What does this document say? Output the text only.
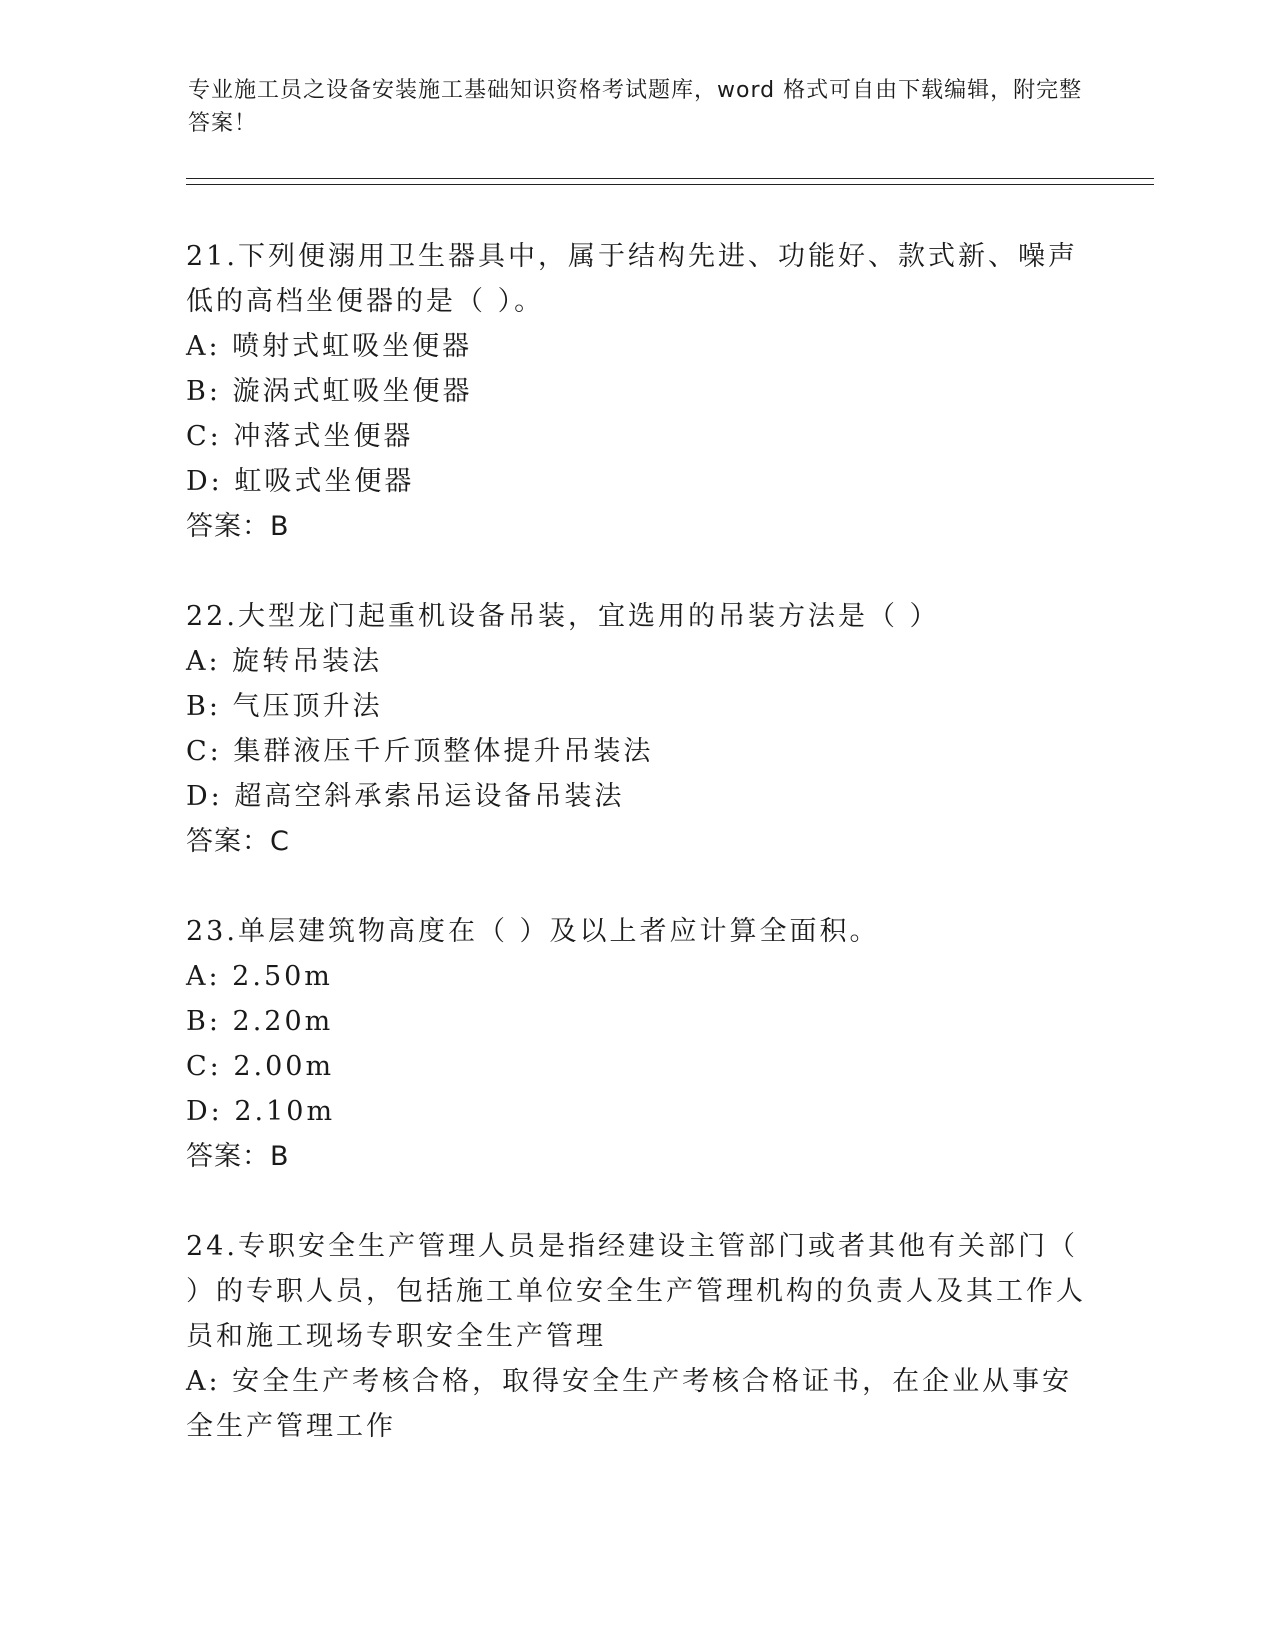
专业施工员之设备安装施工基础知识资格考试题库，word 格式可自由下载编辑，附完整答案！

21.下列便溺用卫生器具中，属于结构先进、功能好、款式新、噪声低的高档坐便器的是（ ）。

A: 喷射式虹吸坐便器

B: 漩涡式虹吸坐便器

C: 冲落式坐便器

D: 虹吸式坐便器

答案：B

22.大型龙门起重机设备吊装，宜选用的吊装方法是（ ）

A: 旋转吊装法

B: 气压顶升法

C: 集群液压千斤顶整体提升吊装法

D: 超高空斜承索吊运设备吊装法

答案：C

23.单层建筑物高度在（ ）及以上者应计算全面积。

A: 2.50m

B: 2.20m

C: 2.00m

D: 2.10m

答案：B

24.专职安全生产管理人员是指经建设主管部门或者其他有关部门（ ）的专职人员，包括施工单位安全生产管理机构的负责人及其工作人员和施工现场专职安全生产管理

A: 安全生产考核合格，取得安全生产考核合格证书，在企业从事安全生产管理工作
